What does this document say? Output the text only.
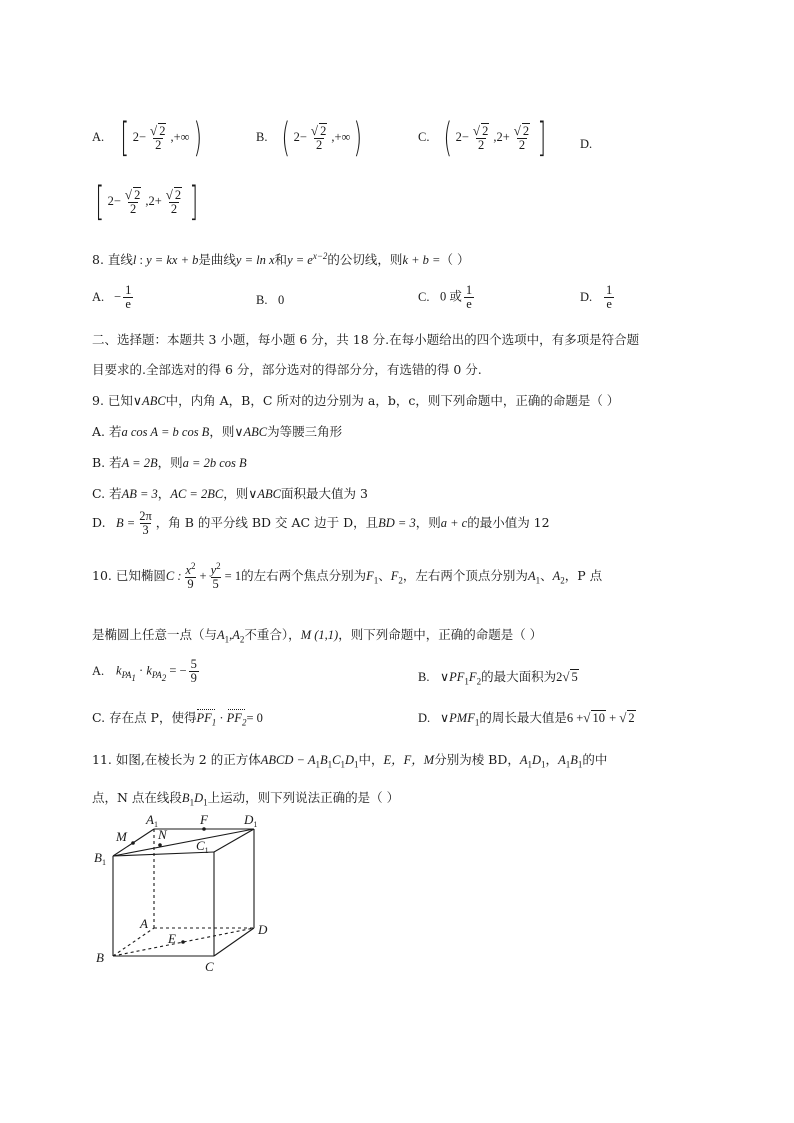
A. [ $2- \frac{√ 2}{2}$ ,+∞)	B. ( $2- \frac{√ 2}{2}$ ,+∞)	C. ( $2- \frac{√ 2}{2} ,2+ \frac{√ 2}{2}$ ]	D.
[ $2- \frac{√ 2}{2} ,2+ \frac{√ 2}{2}$ ]
8. 直线l : y = kx + b是曲线y = ln x和$y = e^{x-2}$的公切线，则k + b =（ ）
A. − $\frac{1}{e}$	B. 0	C. 0 或 $\frac{1}{e}$	D. $\frac{1}{e}$
二、选择题：本题共 3 小题，每小题 6 分，共 18 分.在每小题给出的四个选项中，有多项是符合题
目要求的.全部选对的得 6 分，部分选对的得部分分，有选错的得 0 分.
9. 已知∨ABC中，内角 A，B，C 所对的边分别为 a，b，c，则下列命题中，正确的命题是（ ）
A. 若a cos A = b cos B，则∨ABC为等腰三角形
B. 若A = 2B，则a = 2b cos B
C. 若AB = 3，AC = 2BC，则∨ABC面积最大值为 3
D. $B = \frac{2\pi}{3}$ ，角 B 的平分线 BD 交 AC 边于 D，且BD = 3，则a + c的最小值为 12
10. 已知椭圆C : $\frac{x^2}{9} + \frac{y^2}{5} = 1$的左右两个焦点分别为$F_1$、$F_2$，左右两个顶点分别为$A_1$、$A_2$，P 点
是椭圆上任意一点（与$A_1,A_2$不重合），M (1,1)，则下列命题中，正确的命题是（ ）
A. $k_{PA_1} \cdot k_{PA_2}$ = − $\frac{5}{9}$	B. $\vee PF_1F_2$的最大面积为2√ 5
C. 存在点 P，使得$PF_1 \cdot PF_2= 0$	D. $\vee PMF_1$的周长最大值是6 +√ 10 + √ 2
11. 如图,在棱长为 2 的正方体ABCD − $A_1B_1C_1D_1$中，E，F，M分别为棱 BD，$A_1D_1$，$A_1B_1$的中
点，N 点在线段$B_1D_1$上运动，则下列说法正确的是（ ）
$A_1$	F	$D_1$
M N
$B_1$
$C_1$
A
E
D
B
C
